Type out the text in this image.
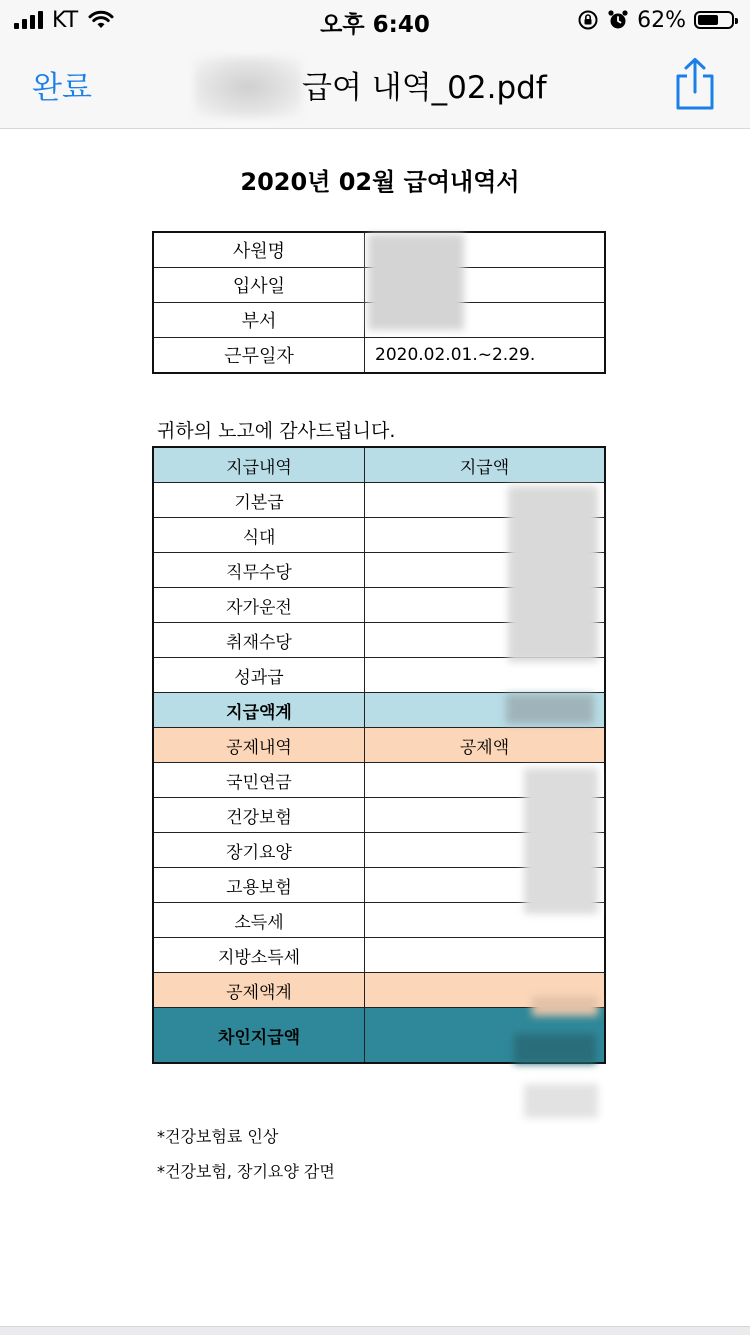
KT	오후 6:40	62%
완료	급여 내역_02.pdf
2020년 02월 급여내역서
사원명	
입사일	
부서	
근무일자	2020.02.01.~2.29.
귀하의 노고에 감사드립니다.
지급내역	지급액
기본급	
식대	
직무수당	
자가운전	
취재수당	
성과급	
지급액계	
공제내역	공제액
국민연금	
건강보험	
장기요양	
고용보험	
소득세	
지방소득세	
공제액계	
차인지급액	
*건강보험료 인상
*건강보험, 장기요양 감면
